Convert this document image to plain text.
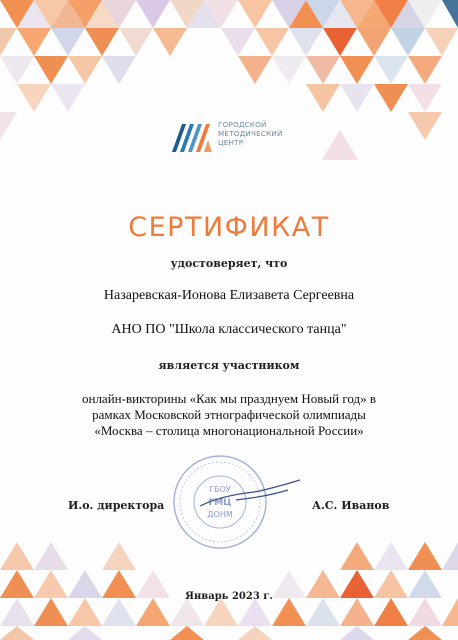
ГОРОДСКОЙ
МЕТОДИЧЕСКИЙ
ЦЕНТР
СЕРТИФИКАТ
удостоверяет, что
Назаревская-Ионова Елизавета Сергеевна
АНО ПО "Школа классического танца"
является участником
онлайн-викторины «Как мы празднуем Новый год» в
рамках Московской этнографической олимпиады
«Москва – столица многонациональной России»
ГБОУ
ГМЦ
ДОНМ
И.о. директора	А.С. Иванов
Январь 2023 г.
